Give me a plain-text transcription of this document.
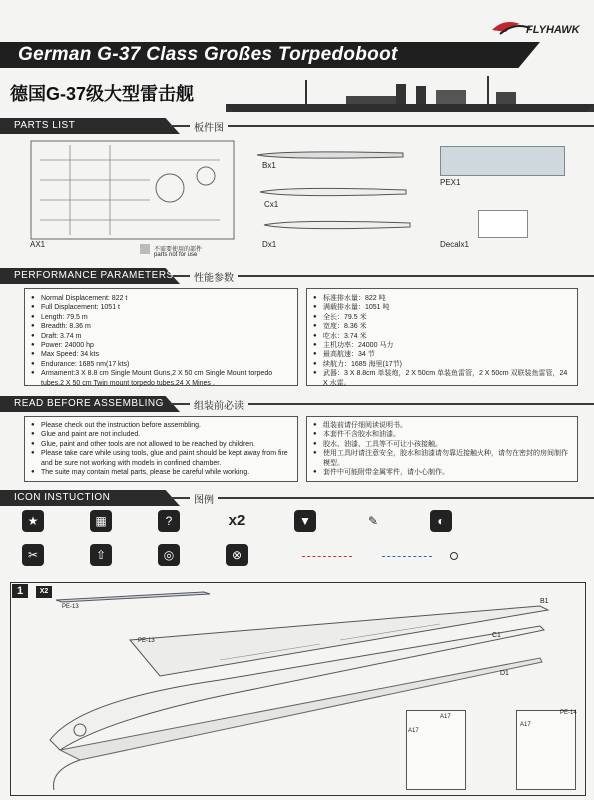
German G-37 Class Großes Torpedoboot
德国G-37级大型雷击舰
FLYHAWK
PARTS LIST	板件图
AX1
不需要使用的部件
parts not for use
Bx1
Cx1
Dx1
PEX1
Decalx1
PERFORMANCE PARAMETERS	性能参数
● Normal Displacement: 822 t
● Full Displacement: 1051 t
● Length: 79.5 m
● Breadth: 8.36 m
● Draft: 3.74 m
● Power: 24000 hp
● Max Speed: 34 kts
● Endurance: 1685 nm(17 kts)
● Armament:3 X 8.8 cm Single Mount Guns,2 X 50 cm Single Mount torpedo tubes,2 X 50 cm Twin mount torpedo tubes,24 X Mines .
● 标准排水量：822 吨
● 满载排水量：1051 吨
● 全长：79.5 米
● 宽度：8.36 米
● 吃水：3.74 米
● 主机功率：24000 马力
● 最高航速：34 节
● 续航力：1685 海里(17节)
● 武器：3 X 8.8cm 单装炮，2 X 50cm 单装鱼雷管，2 X 50cm 双联装鱼雷管，24 X 水雷。
READ BEFORE ASSEMBLING	组装前必读
● Please check out the instruction before assembling.
● Glue and paint are not included.
● Glue, paint and other tools are not allowed to be reached by children.
● Please take care while using tools, glue and paint should be kept away from fire and be sure not working with models in confined chamber.
● The suite may contain metal parts, please be careful while working.
● 组装前请仔细阅读说明书。
● 本套件不含胶水和油漆。
● 胶水、油漆、工具等不可让小孩接触。
● 使用工具时请注意安全，胶水和油漆请勿靠近接触火种，请勿在密封的房间制作模型。
● 套件中可能附带金属零件，请小心制作。
ICON INSTUCTION	图例
★	▦	?	x2	▼	✎	◐
✂	⇧	◎	⊗
1	X2
PE-13
B1
C1
D1
PE-13
A17
A17
PE-14
A17
